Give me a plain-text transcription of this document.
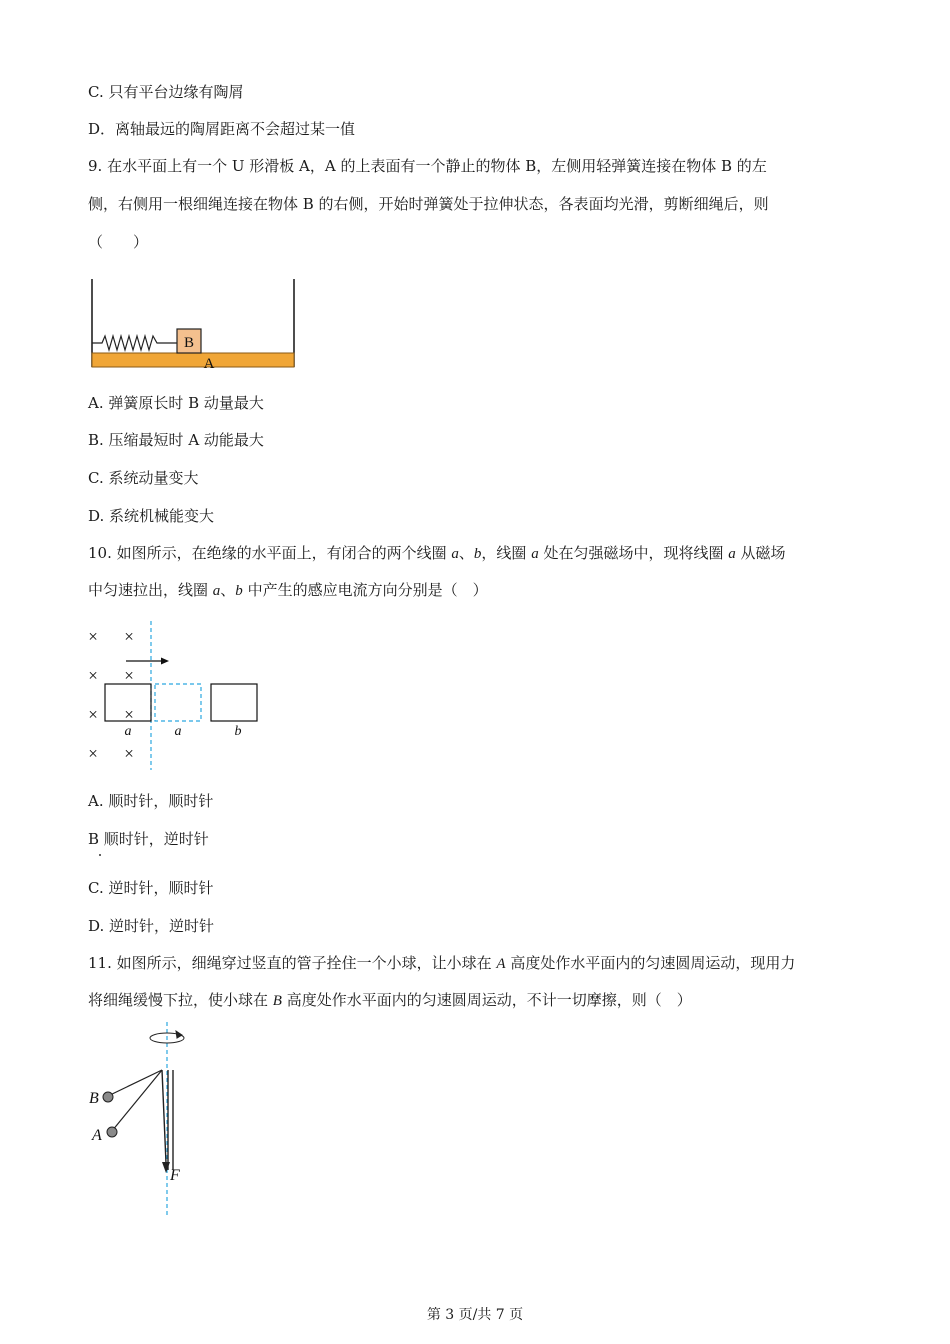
C. 只有平台边缘有陶屑
D．离轴最远的陶屑距离不会超过某一值
9. 在水平面上有一个 U 形滑板 A，A 的上表面有一个静止的物体 B，左侧用轻弹簧连接在物体 B 的左
侧，右侧用一根细绳连接在物体 B 的右侧，开始时弹簧处于拉伸状态，各表面均光滑，剪断细绳后，则
（　　）
B
A
A. 弹簧原长时 B 动量最大
B. 压缩最短时 A 动能最大
C. 系统动量变大
D. 系统机械能变大
10. 如图所示，在绝缘的水平面上，有闭合的两个线圈 a、b，线圈 a 处在匀强磁场中，现将线圈 a 从磁场
中匀速拉出，线圈 a、b 中产生的感应电流方向分别是（　）
× ×
× ×
× ×
× ×
a	a	b
A. 顺时针，顺时针
B 顺时针，逆时针
C. 逆时针，顺时针
D. 逆时针，逆时针
11. 如图所示，细绳穿过竖直的管子拴住一个小球，让小球在 A 高度处作水平面内的匀速圆周运动，现用力
将细绳缓慢下拉，使小球在 B 高度处作水平面内的匀速圆周运动，不计一切摩擦，则（　）
B
A
F
第 3 页/共 7 页
